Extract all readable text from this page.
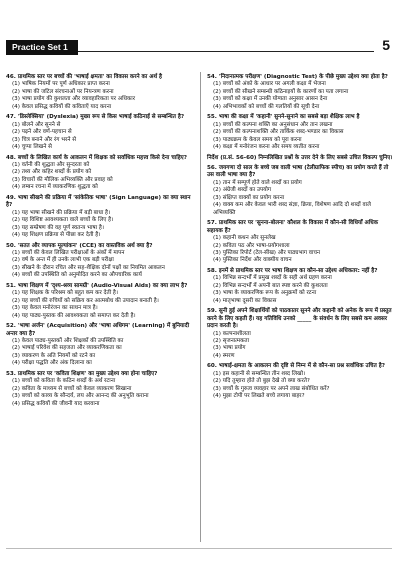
Practice Set 1	5
46. प्राथमिक स्तर पर बच्चों की 'भाषाई क्षमता' का विकास करने का अर्थ है
(1) भाषिक नियमों पर पूर्ण अधिकार प्राप्त करना
(2) भाषा की जटिल संरचनाओं पर नियन्त्रण करना
(3) भाषा प्रयोग की कुशलता और व्यावहारिकता पर अधिकार
(4) केवल प्रसिद्ध कवियों की कविताएँ याद करना
47. 'डिस्लेक्सिया' (Dyslexia) मुख्य रूप से किस भाषाई कठिनाई से सम्बन्धित है?
(1) बोलने और सुनने से
(2) पढ़ने और वर्ण-पहचान से
(3) चित्र बनाने और रंग भरने से
(4) चुप्पा लिखने से
48. बच्चों के लिखित कार्य के आकलन में शिक्षक को सर्वाधिक महत्त्व किसे देना चाहिए?
(1) वर्तनी की शुद्धता और सुन्दरता को
(2) तथ्य और कहिर शब्दों के प्रयोग को
(3) विचारों की मौलिक अभिव्यक्ति और प्रवाह को
(4) लम्बन रचना में व्याकरणिक शुद्धता को
49. भाषा सीखने की प्रक्रिया में 'सांकेतिक भाषा' (Sign Language) का क्या स्थान है?
(1) यह भाषा सीखने की प्रक्रिया में बड़ी बाधा है।
(2) यह विशिष्ट आवश्यकता वाले बच्चों के लिए है।
(3) यह सम्प्रेषण की वह पूर्ण स्वतन्त्र भाषा है।
(4) यह शिक्षण प्रक्रिया से पीछा कर देती है।
50. 'सतत और व्यापक मूल्यांकन' (CCE) का वास्तविक अर्थ क्या है?
(1) बच्चों की केवल लिखित परीक्षाओं के अंकों में मापन
(2) वर्ष के अन्त में ही उनके लाभी एक बड़ी परीक्षा
(3) सीखने के दौरान रचित और सह-शैक्षिक दोनों पक्षों का नियमित आकलन
(4) बच्चों की उपस्थिति को अनुमोदित करने का औपचारिक कार्य
51. भाषा शिक्षण में 'दृश्य-श्रव्य सामग्री' (Audio-Visual Aids) का क्या लाभ है?
(1) यह शिक्षक के परिश्रम को बहुत कम कर देती है।
(2) यह बच्चों की रुचियों को सक्रिय कर आत्मबोध की उपादान बनाती है।
(3) यह केवल मनोरंजन का साधन मात्र है।
(4) यह पाठ्य-पुस्तक की आवश्यकता को समाप्त कर देती है।
52. 'भाषा अर्जन' (Acquisition) और 'भाषा अधिगम' (Learning) में बुनियादी अन्तर क्या है?
(1) केवल पाठ्य-पुस्तकों और शिक्षकों की उपस्थिति का
(2) भाषाई परिवेश की सहजता और व्याकरणिकता का
(3) व्याकरण के अति नियमों को रटने का
(4) परीक्षा पद्धति और अंक दिलाना का
53. प्राथमिक स्तर पर 'कविता शिक्षण' का मुख्य उद्देश्य क्या होना चाहिए?
(1) बच्चों को कविता के कठिन शब्दों के अर्थ रटाना
(2) कविता के माध्यम से बच्चों को केवल व्याकरण सिखाना
(3) बच्चों को काव्य के सौन्दर्य, लय और आनन्द की अनुभूति कराना
(4) प्रसिद्ध कवियों की जीवनी याद करवाना
54. 'निदानात्मक परीक्षण' (Diagnostic Test) के पीछे मुख्य उद्देश्य क्या होता है?
(1) बच्चों को अंको के आधार पर अगली कक्षा में भेजना
(2) बच्चों की सीखने सम्बन्धी कठिनाइयों के कारणों का पता लगाना
(3) बच्चों को कक्षा में उनकी योग्यता अनुसार आसन देना
(4) अभिभावकों को बच्चों की गलतियों की सूची देना
55. भाषा की कक्षा में 'कहानी' सुनने-सुनाने का सबसे बड़ा शैक्षिक लाभ है
(1) बच्चों की कल्पना शक्ति का अनुसंधान और तान लखना
(2) बच्चों की कल्पनाशक्ति और तार्किक शब्द-भण्डार का विकास
(3) पाठ्यक्रम के केवल समय को पूरा करना
(4) कक्षा में मनोरंजन करना और समय व्यतीत करना
निर्देश (प्र.सं. 56-60) निम्नलिखित प्रश्नों के उत्तर देने के लिए सबसे उचित विकल्प चुनिए।
56. जयगणा दो साल के बच्चे जब वाली भाषा (टेलीग्राफिक स्पीच) का प्रयोग करते हैं तो उस वाली भाषा क्या है?
(1) तान में सम्पूर्ण होते वाले शब्दों का प्रयोग
(2) अंग्रेजी शब्दों का उपयोग
(3) संक्षिप्त वाक्यों का प्रयोग करना
(4) वाक्य कम और केवल भारी शब्द संज्ञा, क्रिया, विशेषण आदि दो शब्दों वाले अभिव्यक्ति
57. प्राथमिक स्तर पर 'सुनना-बोलना' कौशल के विकास में कौन-सी विधियाँ अधिक सहायक हैं?
(1) कहानी कथन और सुनलेख
(2) कविता पठ और भाषा-प्रयोगशाला
(3) पुस्तिका रिपोर्ट (टेल-सीख) और पाठ्यभाग वाचन
(4) पुस्तिका निर्देश और वाक्यीय वाचन
58. इनमें से प्राथमिक स्तर पर भाषा शिक्षण का कौन-सा उद्देश्य अधिकतर: नहीं है?
(1) विभिन्न सन्दर्भों में प्रमुख शब्दों के सही अर्थ ग्रहण करना
(2) विभिन्न सन्दर्भों में अपनी बात स्पष्ट करने की कुशलता
(3) भाषा के व्याकरणिक रूप के अनुक्रमों को रटना
(4) मातृभाषा दूसरी का विकास
59. सुनी हुई अपने शिक्षार्थियों को पाठकातर सुनने और कहानी को अनेक के रूप में प्रस्तुत करने के लिए कहती हैं। यह गतिविधि उनको _____ के संवर्धन के लिए सबसे कम अवसर प्रदान करती है।
(1) कल्पनाशीलता
(2) सृजनात्मकता
(3) भाषा प्रयोग
(4) स्मरण
60. भाषाई-क्षमता के आकलन की दृष्टि से निम्न में से कौन-सा प्रश्न सर्वाधिक उचित है?
(1) इस कहानी से सम्बन्धित तीन शब्द लिखो।
(2) यदि तुम्हारा होते तो बुझ देखे तो क्या करते?
(3) बच्चों के गुरुत्व व्यवहार पर अपने लाख संबोधित करें?
(4) मुझा टोपी पर लिखते बच्चे लगाया बाहर?
